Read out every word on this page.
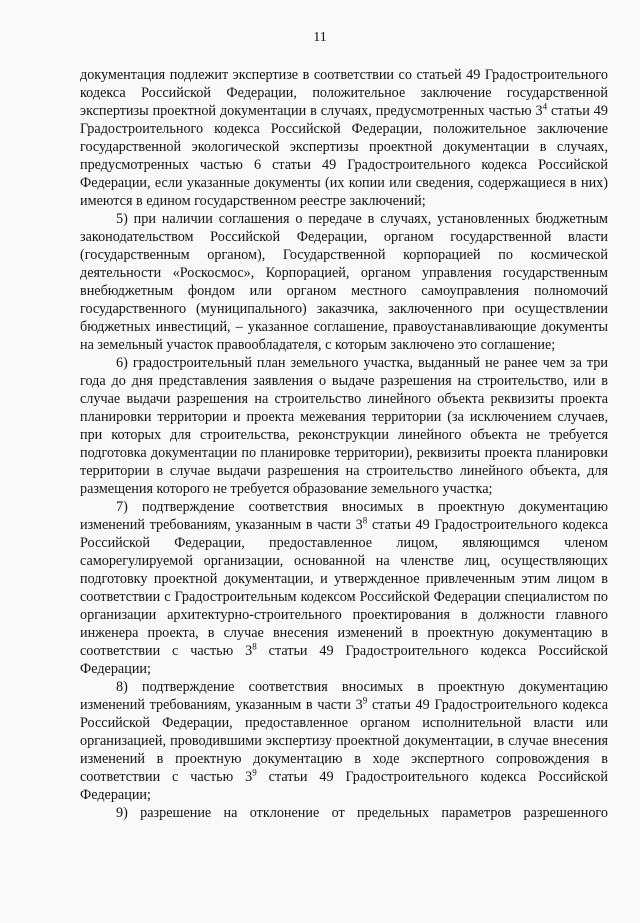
11

документация подлежит экспертизе в соответствии со статьей 49 Градостроительного кодекса Российской Федерации, положительное заключение государственной экспертизы проектной документации в случаях, предусмотренных частью $3^4$ статьи 49 Градостроительного кодекса Российской Федерации, положительное заключение государственной экологической экспертизы проектной документации в случаях, предусмотренных частью 6 статьи 49 Градостроительного кодекса Российской Федерации, если указанные документы (их копии или сведения, содержащиеся в них) имеются в едином государственном реестре заключений;

5) при наличии соглашения о передаче в случаях, установленных бюджетным законодательством Российской Федерации, органом государственной власти (государственным органом), Государственной корпорацией по космической деятельности «Роскосмос», Корпорацией, органом управления государственным внебюджетным фондом или органом местного самоуправления полномочий государственного (муниципального) заказчика, заключенного при осуществлении бюджетных инвестиций, – указанное соглашение, правоустанавливающие документы на земельный участок правообладателя, с которым заключено это соглашение;

6) градостроительный план земельного участка, выданный не ранее чем за три года до дня представления заявления о выдаче разрешения на строительство, или в случае выдачи разрешения на строительство линейного объекта реквизиты проекта планировки территории и проекта межевания территории (за исключением случаев, при которых для строительства, реконструкции линейного объекта не требуется подготовка документации по планировке территории), реквизиты проекта планировки территории в случае выдачи разрешения на строительство линейного объекта, для размещения которого не требуется образование земельного участка;

7) подтверждение соответствия вносимых в проектную документацию изменений требованиям, указанным в части $3^8$ статьи 49 Градостроительного кодекса Российской Федерации, предоставленное лицом, являющимся членом саморегулируемой организации, основанной на членстве лиц, осуществляющих подготовку проектной документации, и утвержденное привлеченным этим лицом в соответствии с Градостроительным кодексом Российской Федерации специалистом по организации архитектурно-строительного проектирования в должности главного инженера проекта, в случае внесения изменений в проектную документацию в соответствии с частью $3^8$ статьи 49 Градостроительного кодекса Российской Федерации;

8) подтверждение соответствия вносимых в проектную документацию изменений требованиям, указанным в части $3^9$ статьи 49 Градостроительного кодекса Российской Федерации, предоставленное органом исполнительной власти или организацией, проводившими экспертизу проектной документации, в случае внесения изменений в проектную документацию в ходе экспертного сопровождения в соответствии с частью $3^9$ статьи 49 Градостроительного кодекса Российской Федерации;

9) разрешение на отклонение от предельных параметров разрешенного
